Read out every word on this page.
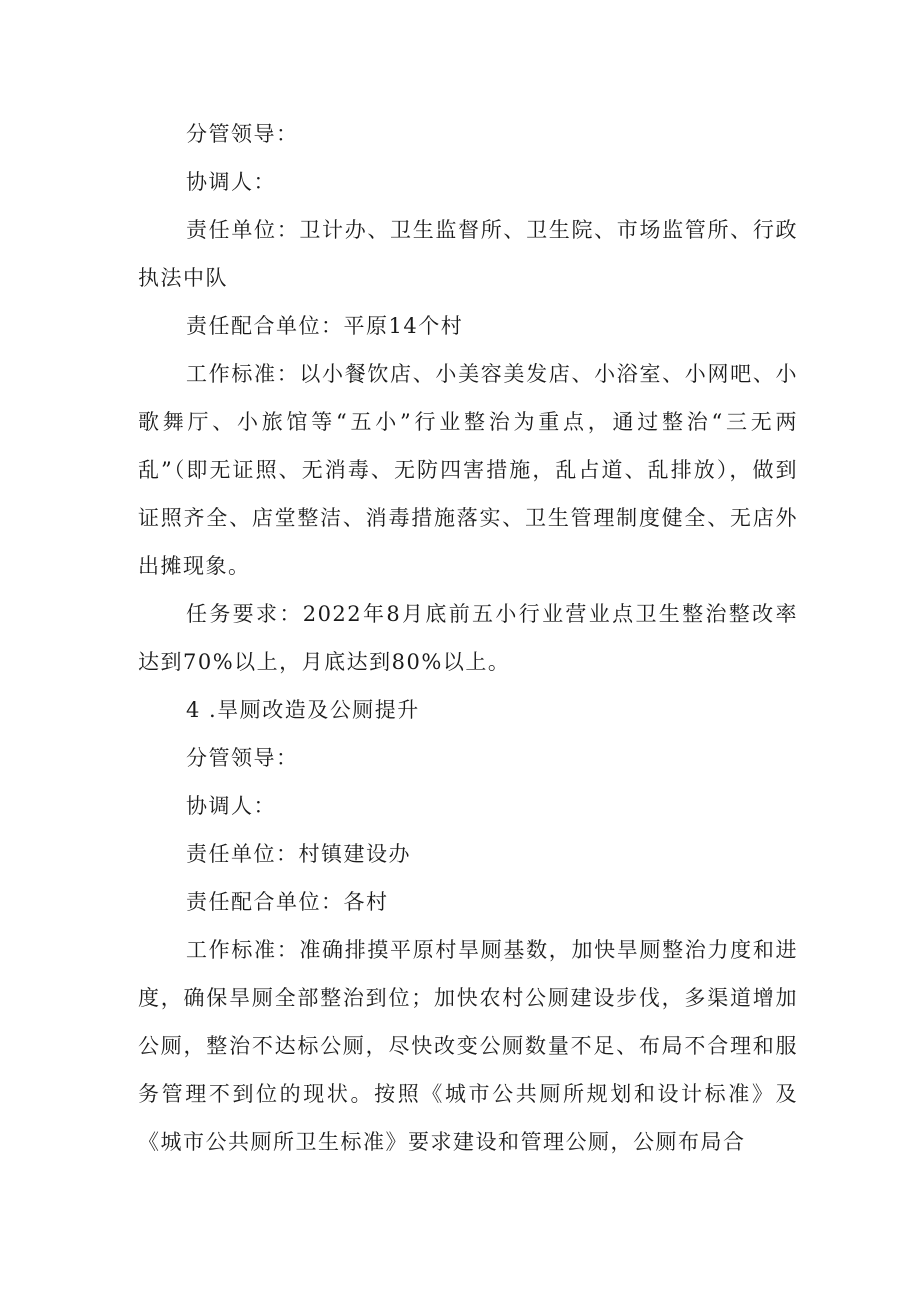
分管领导：

协调人：

责任单位：卫计办、卫生监督所、卫生院、市场监管所、行政执法中队

责任配合单位：平原14个村

工作标准：以小餐饮店、小美容美发店、小浴室、小网吧、小歌舞厅、小旅馆等“五小”行业整治为重点，通过整治“三无两乱”（即无证照、无消毒、无防四害措施，乱占道、乱排放），做到证照齐全、店堂整洁、消毒措施落实、卫生管理制度健全、无店外出摊现象。

任务要求：2022年8月底前五小行业营业点卫生整治整改率达到70%以上，月底达到80%以上。

4 .旱厕改造及公厕提升

分管领导：

协调人：

责任单位：村镇建设办

责任配合单位：各村

工作标准：准确排摸平原村旱厕基数，加快旱厕整治力度和进度，确保旱厕全部整治到位；加快农村公厕建设步伐，多渠道增加公厕，整治不达标公厕，尽快改变公厕数量不足、布局不合理和服务管理不到位的现状。按照《城市公共厕所规划和设计标准》及《城市公共厕所卫生标准》要求建设和管理公厕，公厕布局合
